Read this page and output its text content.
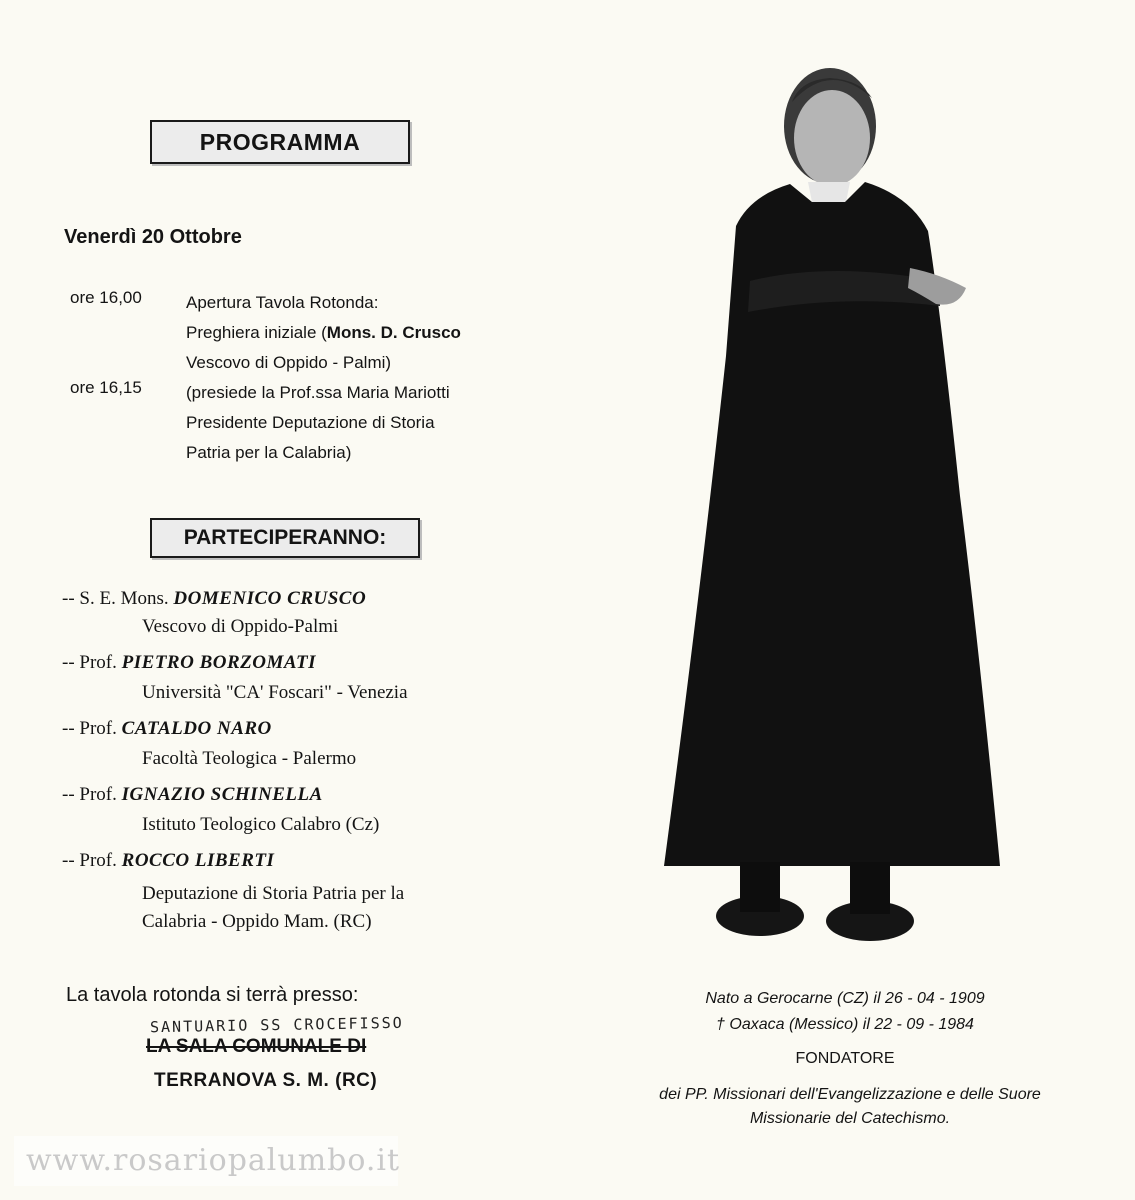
PROGRAMMA
Venerdì 20 Ottobre
ore 16,00	Apertura Tavola Rotonda:
Preghiera iniziale (Mons. D. Crusco
Vescovo di Oppido - Palmi)
ore 16,15	(presiede la Prof.ssa Maria Mariotti
Presidente Deputazione di Storia
Patria per la Calabria)
PARTECIPERANNO:
-- S. E. Mons. DOMENICO CRUSCO
Vescovo di Oppido-Palmi
-- Prof. PIETRO BORZOMATI
Università "CA' Foscari" - Venezia
-- Prof. CATALDO NARO
Facoltà Teologica - Palermo
-- Prof. IGNAZIO SCHINELLA
Istituto Teologico Calabro (Cz)
-- Prof. ROCCO LIBERTI
Deputazione di Storia Patria per la
Calabria - Oppido Mam. (RC)
La tavola rotonda si terrà presso:
SANTUARIO SS CROCEFISSO
LA SALA COMUNALE DI
TERRANOVA S. M. (RC)
Nato a Gerocarne (CZ) il 26 - 04 - 1909
† Oaxaca (Messico) il 22 - 09 - 1984
FONDATORE
dei PP. Missionari dell'Evangelizzazione e delle Suore
Missionarie del Catechismo.
www.rosariopalumbo.it
